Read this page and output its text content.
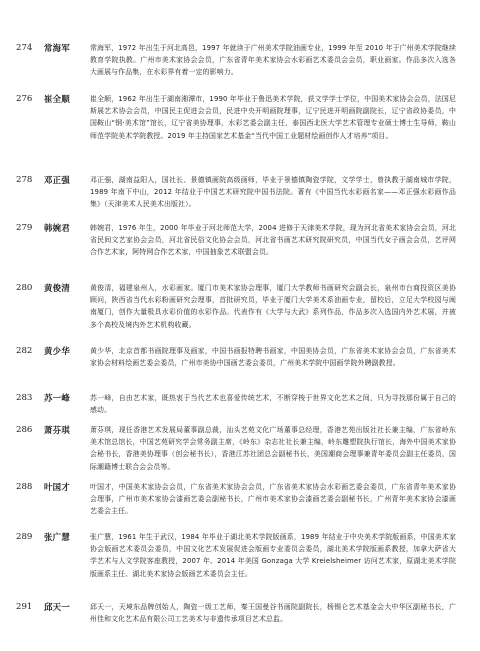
274	常海军	常海军，1972 年出生于河北高邑，1997 年就读于广州美术学院油画专业，1999 年至 2010 年于广州美术学院继续教育学院执教。广州市美术家协会会员，广东省青年美术家协会水彩画艺术委员会会员，职业画家。作品多次入选各大画展与作品集，在水彩界有着一定的影响力。
276	崔全顺	崔全顺，1962 年出生于湖南湘潭市，1990 年毕业于鲁迅美术学院，获文学学士学位，中国美术家协会会员，法国尼斯展艺术协会会员，中国民主促进会会员，民进中央开明画院理事，辽宁民进开明画院副院长，辽宁省政协委员，中国鞍山“钢·美术馆”馆长，辽宁省美协理事，水彩艺委会副主任，泰国西北医大学艺术管理专业硕士博士生导师，鞍山师范学院美术学院教授。2019 年主持国家艺术基金“当代中国工业题材绘画创作人才培养”项目。
278	邓正强	邓正强，湖南益阳人，国社长、景德镇画院高级画师，毕业于景德镇陶瓷学院，文学学士，曾执教于湖南城市学院，1989 年南下中山，2012 年结业于中国艺术研究院中国书法院。著有《中国当代水彩画名家——邓正强水彩画作品集》（天津美术人民美术出版社）。
279	韩婉君	韩婉君，1976 年生，2000 年毕业于河北师范大学，2004 进修于天津美术学院，现为河北省美术家协会会员，河北省民间文艺家协会会员，河北省民俗文化协会会员，河北省书画艺术研究院研究员，中国当代女子画会会员，艺评网合作艺术家，阿特网合作艺术家，中国抽象艺术联盟会员。
280	黄俊清	黄俊清，福建泉州人，水彩画家。厦门市美术家协会理事，厦门大学教师书画研究会副会长，泉州市台商投资区美协顾问，陕西省当代水彩粉画研究会理事，首批研究员，毕业于厦门大学美术系油画专业，留校后，立足大学校园与闽南厦门，创作大量极具水彩价值的水彩作品。代表作有《大学与大武》系列作品，作品多次入选国内外艺术展，并被多个高校及境内外艺术机构收藏。
282	黄少华	黄少华，北京首都书画院理事及画家，中国书画报特聘书画家，中国美协会员，广东省美术家协会会员，广东省美术家协会材料绘画艺委会委员，广州市美协中国画艺委会委员，广州美术学院中国画学院外聘副教授。
283	苏一峰	苏一峰，自由艺术家，既热衷于当代艺术也喜爱传统艺术，不断穿梭于世界文化艺术之间，只为寻找那份属于自己的感动。
286	萧芬琪	萧芬琪，现任香港艺术发展局董事副总裁，汕头艺苑文化广场董事总经理，香港艺苑出版社社长兼主编，广东省岭东美术馆总馆长，中国艺苑研究学会常务副主席，《岭东》杂志社社长兼主编，岭东雕塑院执行馆长，海外中国美术家协会秘书长，香港美协理事（创会秘书长），香港江苏社团总会副秘书长，美国潮商会理事兼青年委员会副主任委员，国际潮籍博士联合会会员等。
288	叶国才	叶国才，中国美术家协会会员，广东省美术家协会会员，广东省美术家协会水彩画艺委会委员，广东省青年美术家协会理事，广州市美术家协会漆画艺委会副秘书长，广州市美术家协会漆画艺委会副秘书长，广州青年美术家协会漆画艺委会主任。
289	张广慧	张广慧，1961 年生于武汉，1984 年毕业于湖北美术学院版画系，1989 年结业于中央美术学院版画系，中国美术家协会版画艺术委员会委员，中国文化艺术发展促进会版画专业委员会委员，湖北美术学院版画系教授，加拿大萨省大学艺术与人文学院客座教授，2007 年、2014 年美国 Gonzaga 大学 Kreielsheimer 访问艺术家，原湖北美术学院版画系主任、湖北美术家协会版画艺术委员会主任。
291	邱天一	邱天一，天境东品牌创始人，陶瓷一级工艺师，秦王国曼谷书画院副院长，杨锡仑艺术基金会大中华区副秘书长，广州佳和文化艺术品有限公司工艺美术与非遗传承项目艺术总监。
